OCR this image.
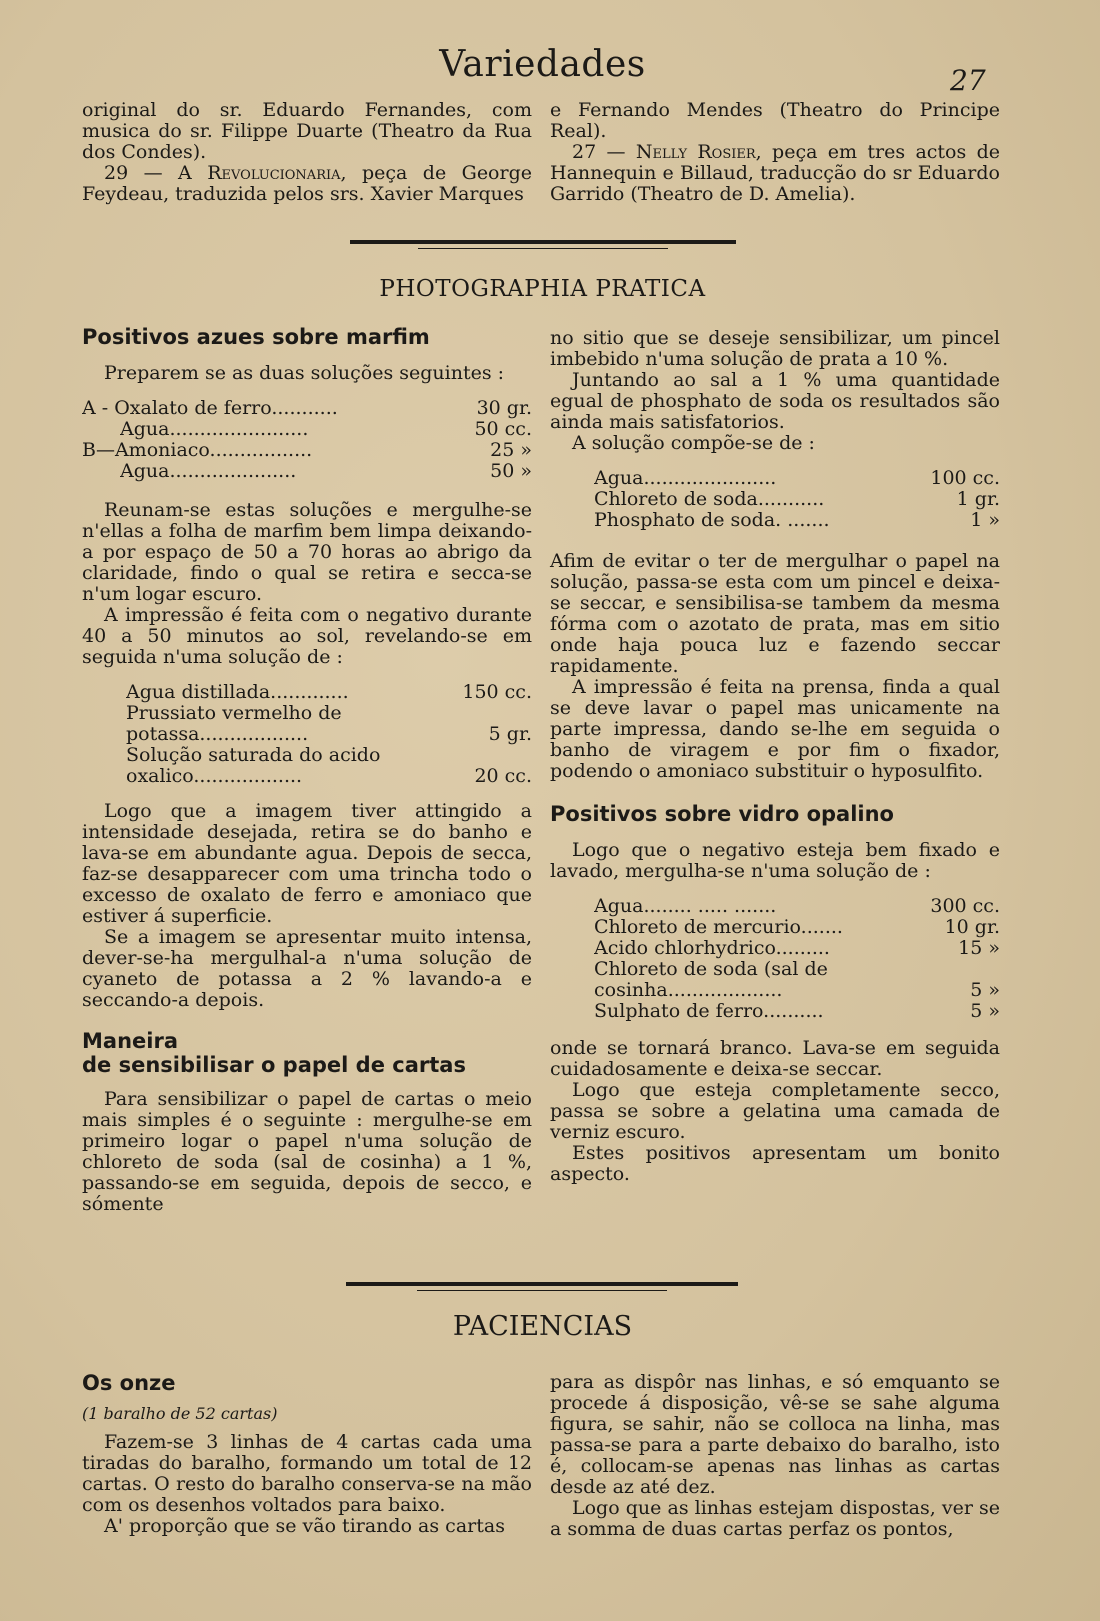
Variedades	27

original do sr. Eduardo Fernandes, com musica do sr. Filippe Duarte (Theatro da Rua dos Condes).

29 — A Revolucionaria, peça de George Feydeau, traduzida pelos srs. Xavier Marques

e Fernando Mendes (Theatro do Principe Real).

27 — Nelly Rosier, peça em tres actos de Hannequin e Billaud, traducção do sr Eduardo Garrido (Theatro de D. Amelia).

PHOTOGRAPHIA PRATICA

Positivos azues sobre marfim

Preparem se as duas soluções seguintes :

A - Oxalato de ferro...........	30 gr.
Agua.......................	50 cc.
B—Amoniaco.................	25 »
Agua.....................	50 »

Reunam-se estas soluções e mergulhe-se n'ellas a folha de marfim bem limpa deixando-a por espaço de 50 a 70 horas ao abrigo da claridade, findo o qual se retira e secca-se n'um logar escuro.

A impressão é feita com o negativo durante 40 a 50 minutos ao sol, revelando-se em seguida n'uma solução de :

Agua distillada.............	150 cc.
Prussiato vermelho de potassa..................	5 gr.
Solução saturada do acido oxalico..................	20 cc.

Logo que a imagem tiver attingido a intensidade desejada, retira se do banho e lava-se em abundante agua. Depois de secca, faz-se desapparecer com uma trincha todo o excesso de oxalato de ferro e amoniaco que estiver á superficie.

Se a imagem se apresentar muito intensa, dever-se-ha mergulhal-a n'uma solução de cyaneto de potassa a 2 % lavando-a e seccando-a depois.

Maneira

de sensibilisar o papel de cartas

Para sensibilizar o papel de cartas o meio mais simples é o seguinte : mergulhe-se em primeiro logar o papel n'uma solução de chloreto de soda (sal de cosinha) a 1 %, passando-se em seguida, depois de secco, e sómente

no sitio que se deseje sensibilizar, um pincel imbebido n'uma solução de prata a 10 %.

Juntando ao sal a 1 % uma quantidade egual de phosphato de soda os resultados são ainda mais satisfatorios.

A solução compõe-se de :

Agua......................	100 cc.
Chloreto de soda...........	1 gr.
Phosphato de soda. .......	1 »

Afim de evitar o ter de mergulhar o papel na solução, passa-se esta com um pincel e deixa-se seccar, e sensibilisa-se tambem da mesma fórma com o azotato de prata, mas em sitio onde haja pouca luz e fazendo seccar rapidamente.

A impressão é feita na prensa, finda a qual se deve lavar o papel mas unicamente na parte impressa, dando se-lhe em seguida o banho de viragem e por fim o fixador, podendo o amoniaco substituir o hyposulfito.

Positivos sobre vidro opalino

Logo que o negativo esteja bem fixado e lavado, mergulha-se n'uma solução de :

Agua........ ..... .......	300 cc.
Chloreto de mercurio.......	10 gr.
Acido chlorhydrico.........	15 »
Chloreto de soda (sal de cosinha...................	5 »
Sulphato de ferro..........	5 »

onde se tornará branco. Lava-se em seguida cuidadosamente e deixa-se seccar.

Logo que esteja completamente secco, passa se sobre a gelatina uma camada de verniz escuro.

Estes positivos apresentam um bonito aspecto.

PACIENCIAS

Os onze

(1 baralho de 52 cartas)

Fazem-se 3 linhas de 4 cartas cada uma tiradas do baralho, formando um total de 12 cartas. O resto do baralho conserva-se na mão com os desenhos voltados para baixo.

A' proporção que se vão tirando as cartas

para as dispôr nas linhas, e só emquanto se procede á disposição, vê-se se sahe alguma figura, se sahir, não se colloca na linha, mas passa-se para a parte debaixo do baralho, isto é, collocam-se apenas nas linhas as cartas desde az até dez.

Logo que as linhas estejam dispostas, ver se a somma de duas cartas perfaz os pontos,
